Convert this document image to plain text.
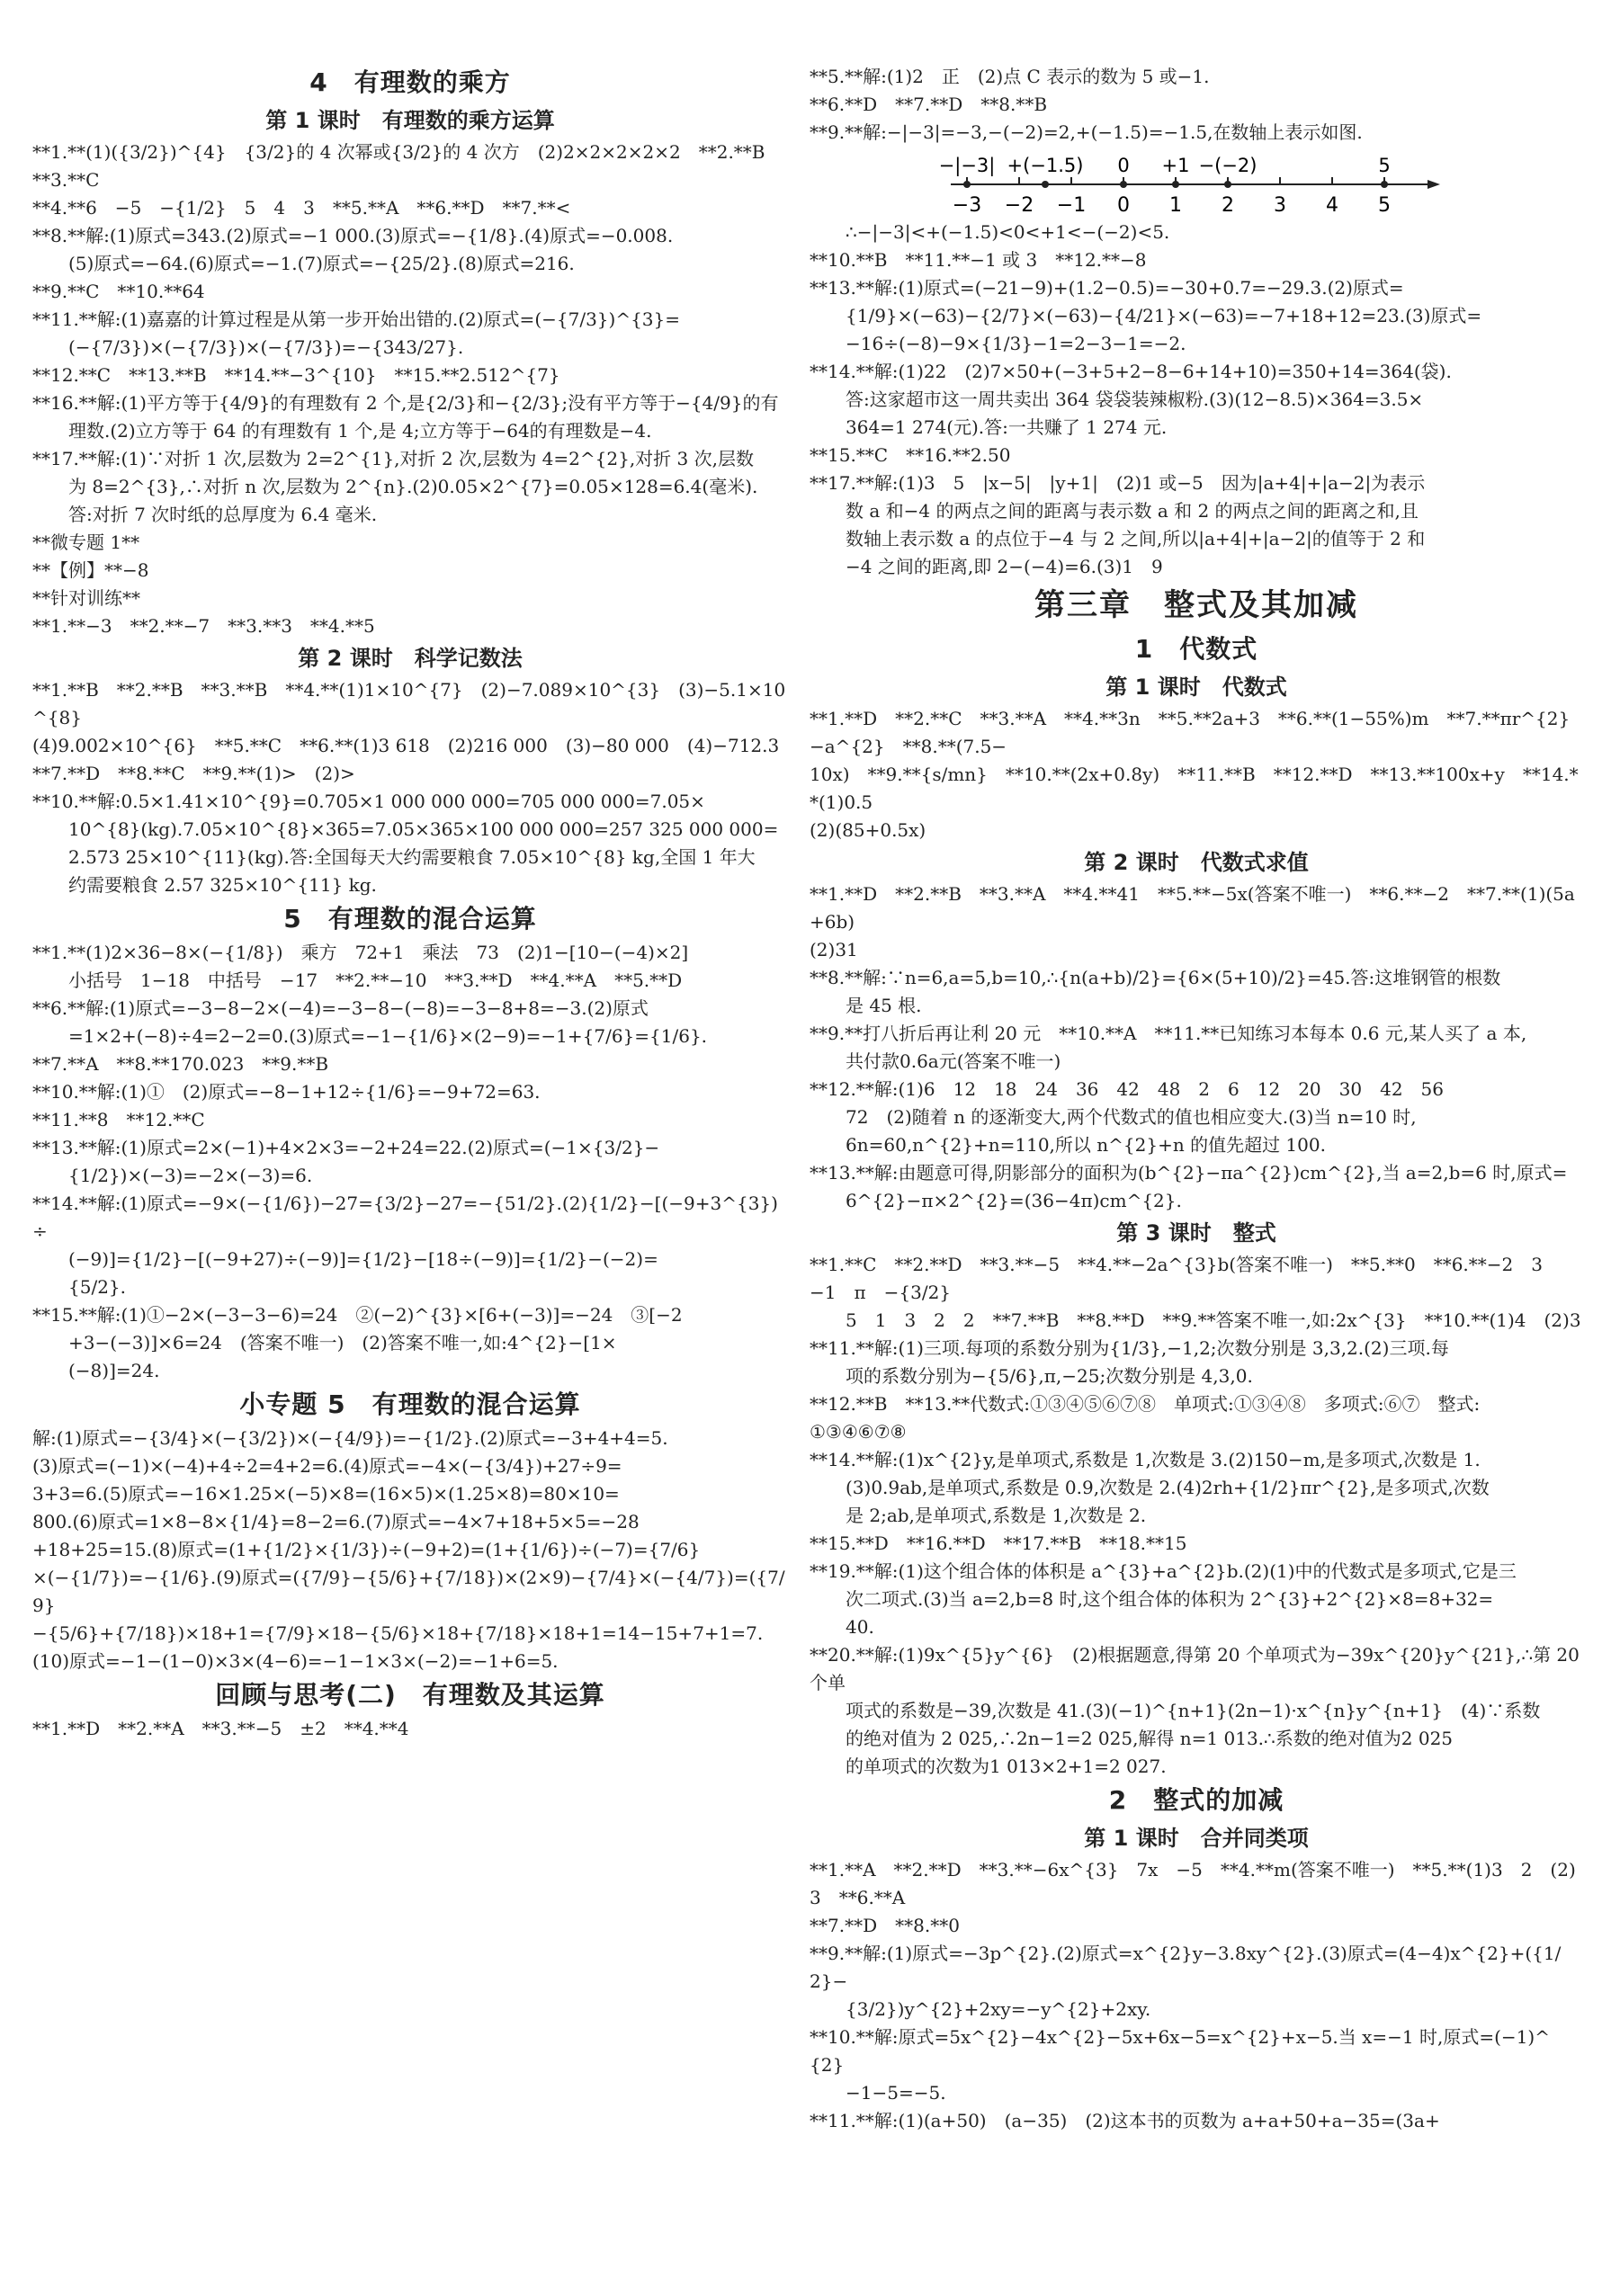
4　有理数的乘方
第 1 课时　有理数的乘方运算
**1.**(1)({3/2})^{4}　{3/2}的 4 次幂或{3/2}的 4 次方　(2)2×2×2×2×2　**2.**B　**3.**C
**4.**6　−5　−{1/2}　5　4　3　**5.**A　**6.**D　**7.**<
**8.**解:(1)原式=343.(2)原式=−1 000.(3)原式=−{1/8}.(4)原式=−0.008.
(5)原式=−64.(6)原式=−1.(7)原式=−{25/2}.(8)原式=216.
**9.**C　**10.**64
**11.**解:(1)嘉嘉的计算过程是从第一步开始出错的.(2)原式=(−{7/3})^{3}=
(−{7/3})×(−{7/3})×(−{7/3})=−{343/27}.
**12.**C　**13.**B　**14.**−3^{10}　**15.**2.512^{7}
**16.**解:(1)平方等于{4/9}的有理数有 2 个,是{2/3}和−{2/3};没有平方等于−{4/9}的有
理数.(2)立方等于 64 的有理数有 1 个,是 4;立方等于−64的有理数是−4.
**17.**解:(1)∵对折 1 次,层数为 2=2^{1},对折 2 次,层数为 4=2^{2},对折 3 次,层数
为 8=2^{3},∴对折 n 次,层数为 2^{n}.(2)0.05×2^{7}=0.05×128=6.4(毫米).
答:对折 7 次时纸的总厚度为 6.4 毫米.
**微专题 1**
**【例】**−8
**针对训练**
**1.**−3　**2.**−7　**3.**3　**4.**5
第 2 课时　科学记数法
**1.**B　**2.**B　**3.**B　**4.**(1)1×10^{7}　(2)−7.089×10^{3}　(3)−5.1×10^{8}
(4)9.002×10^{6}　**5.**C　**6.**(1)3 618　(2)216 000　(3)−80 000　(4)−712.3
**7.**D　**8.**C　**9.**(1)>　(2)>
**10.**解:0.5×1.41×10^{9}=0.705×1 000 000 000=705 000 000=7.05×
10^{8}(kg).7.05×10^{8}×365=7.05×365×100 000 000=257 325 000 000=
2.573 25×10^{11}(kg).答:全国每天大约需要粮食 7.05×10^{8} kg,全国 1 年大
约需要粮食 2.57 325×10^{11} kg.
5　有理数的混合运算
**1.**(1)2×36−8×(−{1/8})　乘方　72+1　乘法　73　(2)1−[10−(−4)×2]
小括号　1−18　中括号　−17　**2.**−10　**3.**D　**4.**A　**5.**D
**6.**解:(1)原式=−3−8−2×(−4)=−3−8−(−8)=−3−8+8=−3.(2)原式
=1×2+(−8)÷4=2−2=0.(3)原式=−1−{1/6}×(2−9)=−1+{7/6}={1/6}.
**7.**A　**8.**170.023　**9.**B
**10.**解:(1)①　(2)原式=−8−1+12÷{1/6}=−9+72=63.
**11.**8　**12.**C
**13.**解:(1)原式=2×(−1)+4×2×3=−2+24=22.(2)原式=(−1×{3/2}−
{1/2})×(−3)=−2×(−3)=6.
**14.**解:(1)原式=−9×(−{1/6})−27={3/2}−27=−{51/2}.(2){1/2}−[(−9+3^{3})÷
(−9)]={1/2}−[(−9+27)÷(−9)]={1/2}−[18÷(−9)]={1/2}−(−2)=
{5/2}.
**15.**解:(1)①−2×(−3−3−6)=24　②(−2)^{3}×[6+(−3)]=−24　③[−2
+3−(−3)]×6=24　(答案不唯一)　(2)答案不唯一,如:4^{2}−[1×
(−8)]=24.
小专题 5　有理数的混合运算
解:(1)原式=−{3/4}×(−{3/2})×(−{4/9})=−{1/2}.(2)原式=−3+4+4=5.
(3)原式=(−1)×(−4)+4÷2=4+2=6.(4)原式=−4×(−{3/4})+27÷9=
3+3=6.(5)原式=−16×1.25×(−5)×8=(16×5)×(1.25×8)=80×10=
800.(6)原式=1×8−8×{1/4}=8−2=6.(7)原式=−4×7+18+5×5=−28
+18+25=15.(8)原式=(1+{1/2}×{1/3})÷(−9+2)=(1+{1/6})÷(−7)={7/6}
×(−{1/7})=−{1/6}.(9)原式=({7/9}−{5/6}+{7/18})×(2×9)−{7/4}×(−{4/7})=({7/9}
−{5/6}+{7/18})×18+1={7/9}×18−{5/6}×18+{7/18}×18+1=14−15+7+1=7.
(10)原式=−1−(1−0)×3×(4−6)=−1−1×3×(−2)=−1+6=5.
回顾与思考(二)　有理数及其运算
**1.**D　**2.**A　**3.**−5　±2　**4.**4
**5.**解:(1)2　正　(2)点 C 表示的数为 5 或−1.
**6.**D　**7.**D　**8.**B
**9.**解:−|−3|=−3,−(−2)=2,+(−1.5)=−1.5,在数轴上表示如图.
−3 −2 −1 0 1 2 3 4 5
−|−3| +(−1.5) 0 +1 −(−2)	5
∴−|−3|<+(−1.5)<0<+1<−(−2)<5.
**10.**B　**11.**−1 或 3　**12.**−8
**13.**解:(1)原式=(−21−9)+(1.2−0.5)=−30+0.7=−29.3.(2)原式=
{1/9}×(−63)−{2/7}×(−63)−{4/21}×(−63)=−7+18+12=23.(3)原式=
−16÷(−8)−9×{1/3}−1=2−3−1=−2.
**14.**解:(1)22　(2)7×50+(−3+5+2−8−6+14+10)=350+14=364(袋).
答:这家超市这一周共卖出 364 袋袋装辣椒粉.(3)(12−8.5)×364=3.5×
364=1 274(元).答:一共赚了 1 274 元.
**15.**C　**16.**2.50
**17.**解:(1)3　5　|x−5|　|y+1|　(2)1 或−5　因为|a+4|+|a−2|为表示
数 a 和−4 的两点之间的距离与表示数 a 和 2 的两点之间的距离之和,且
数轴上表示数 a 的点位于−4 与 2 之间,所以|a+4|+|a−2|的值等于 2 和
−4 之间的距离,即 2−(−4)=6.(3)1　9
第三章　整式及其加减
1　代数式
第 1 课时　代数式
**1.**D　**2.**C　**3.**A　**4.**3n　**5.**2a+3　**6.**(1−55%)m　**7.**πr^{2}−a^{2}　**8.**(7.5−
10x)　**9.**{s/mn}　**10.**(2x+0.8y)　**11.**B　**12.**D　**13.**100x+y　**14.**(1)0.5
(2)(85+0.5x)
第 2 课时　代数式求值
**1.**D　**2.**B　**3.**A　**4.**41　**5.**−5x(答案不唯一)　**6.**−2　**7.**(1)(5a+6b)
(2)31
**8.**解:∵n=6,a=5,b=10,∴{n(a+b)/2}={6×(5+10)/2}=45.答:这堆钢管的根数
是 45 根.
**9.**打八折后再让利 20 元　**10.**A　**11.**已知练习本每本 0.6 元,某人买了 a 本,
共付款0.6a元(答案不唯一)
**12.**解:(1)6　12　18　24　36　42　48　2　6　12　20　30　42　56
72　(2)随着 n 的逐渐变大,两个代数式的值也相应变大.(3)当 n=10 时,
6n=60,n^{2}+n=110,所以 n^{2}+n 的值先超过 100.
**13.**解:由题意可得,阴影部分的面积为(b^{2}−πa^{2})cm^{2},当 a=2,b=6 时,原式=
6^{2}−π×2^{2}=(36−4π)cm^{2}.
第 3 课时　整式
**1.**C　**2.**D　**3.**−5　**4.**−2a^{3}b(答案不唯一)　**5.**0　**6.**−2　3　−1　π　−{3/2}
5　1　3　2　2　**7.**B　**8.**D　**9.**答案不唯一,如:2x^{3}　**10.**(1)4　(2)3
**11.**解:(1)三项.每项的系数分别为{1/3},−1,2;次数分别是 3,3,2.(2)三项.每
项的系数分别为−{5/6},π,−25;次数分别是 4,3,0.
**12.**B　**13.**代数式:①③④⑤⑥⑦⑧　单项式:①③④⑧　多项式:⑥⑦　整式:
①③④⑥⑦⑧
**14.**解:(1)x^{2}y,是单项式,系数是 1,次数是 3.(2)150−m,是多项式,次数是 1.
(3)0.9ab,是单项式,系数是 0.9,次数是 2.(4)2rh+{1/2}πr^{2},是多项式,次数
是 2;ab,是单项式,系数是 1,次数是 2.
**15.**D　**16.**D　**17.**B　**18.**15
**19.**解:(1)这个组合体的体积是 a^{3}+a^{2}b.(2)(1)中的代数式是多项式,它是三
次二项式.(3)当 a=2,b=8 时,这个组合体的体积为 2^{3}+2^{2}×8=8+32=
40.
**20.**解:(1)9x^{5}y^{6}　(2)根据题意,得第 20 个单项式为−39x^{20}y^{21},∴第 20 个单
项式的系数是−39,次数是 41.(3)(−1)^{n+1}(2n−1)·x^{n}y^{n+1}　(4)∵系数
的绝对值为 2 025,∴2n−1=2 025,解得 n=1 013.∴系数的绝对值为2 025
的单项式的次数为1 013×2+1=2 027.
2　整式的加减
第 1 课时　合并同类项
**1.**A　**2.**D　**3.**−6x^{3}　7x　−5　**4.**m(答案不唯一)　**5.**(1)3　2　(2)3　**6.**A
**7.**D　**8.**0
**9.**解:(1)原式=−3p^{2}.(2)原式=x^{2}y−3.8xy^{2}.(3)原式=(4−4)x^{2}+({1/2}−
{3/2})y^{2}+2xy=−y^{2}+2xy.
**10.**解:原式=5x^{2}−4x^{2}−5x+6x−5=x^{2}+x−5.当 x=−1 时,原式=(−1)^{2}
−1−5=−5.
**11.**解:(1)(a+50)　(a−35)　(2)这本书的页数为 a+a+50+a−35=(3a+
